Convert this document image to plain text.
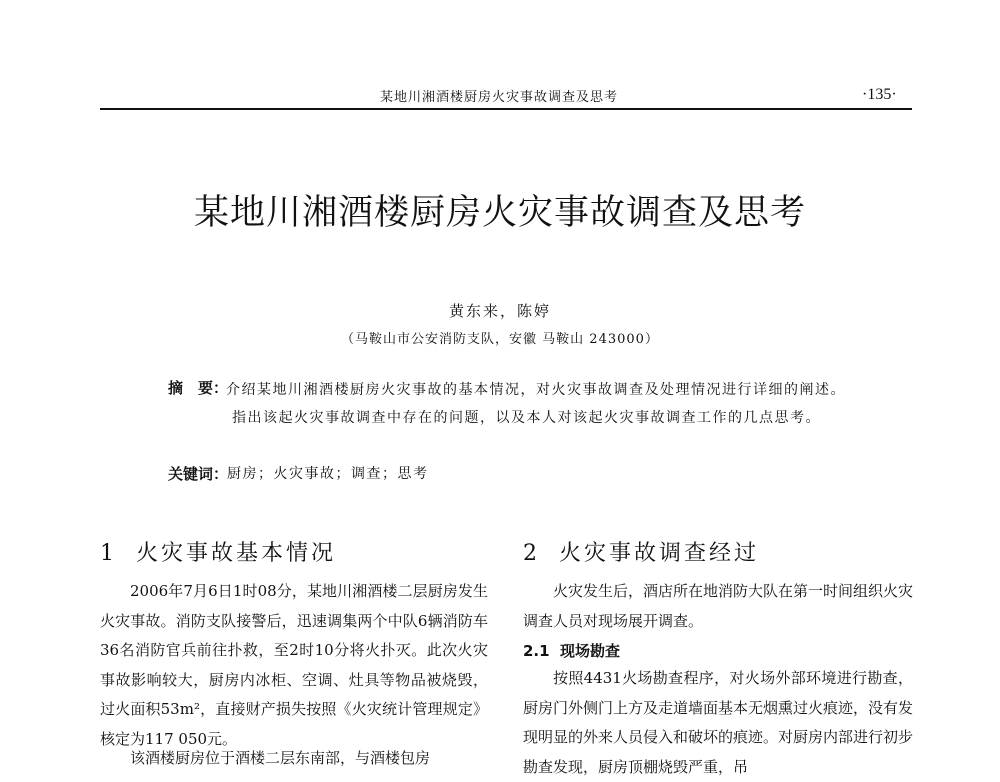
某地川湘酒楼厨房火灾事故调查及思考	·135·
某地川湘酒楼厨房火灾事故调查及思考
黄东来，陈婷
（马鞍山市公安消防支队，安徽 马鞍山 243000）
摘　要：
介绍某地川湘酒楼厨房火灾事故的基本情况，对火灾事故调查及处理情况进行详细的阐述。指出该起火灾事故调查中存在的问题，以及本人对该起火灾事故调查工作的几点思考。
关键词：
厨房；火灾事故；调查；思考
1 火灾事故基本情况

2006年7月6日1时08分，某地川湘酒楼二层厨房发生火灾事故。消防支队接警后，迅速调集两个中队6辆消防车36名消防官兵前往扑救，至2时10分将火扑灭。此次火灾事故影响较大，厨房内冰柜、空调、灶具等物品被烧毁，过火面积53m²，直接财产损失按照《火灾统计管理规定》核定为117 050元。

该酒楼厨房位于酒楼二层东南部，与酒楼包房

2 火灾事故调查经过

火灾发生后，酒店所在地消防大队在第一时间组织火灾调查人员对现场展开调查。

2.1 现场勘查

按照4431火场勘查程序，对火场外部环境进行勘查，厨房门外侧门上方及走道墙面基本无烟熏过火痕迹，没有发现明显的外来人员侵入和破坏的痕迹。对厨房内部进行初步勘查发现，厨房顶棚烧毁严重，吊
